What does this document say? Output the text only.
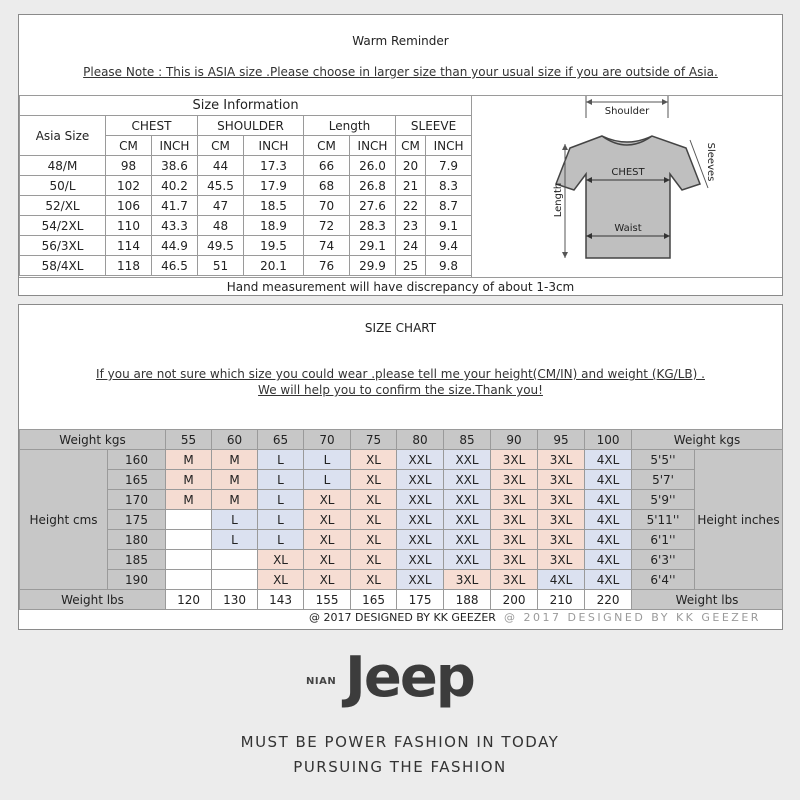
Warm Reminder
Please Note : This is ASIA size .Please choose in larger size than your usual size if you are outside of Asia.
Size Information								
Asia Size	CHEST		SHOULDER		Length		SLEEVE	
	CM	INCH	CM	INCH	CM	INCH	CM	INCH
48/M	98	38.6	44	17.3	66	26.0	20	7.9
50/L	102	40.2	45.5	17.9	68	26.8	21	8.3
52/XL	106	41.7	47	18.5	70	27.6	22	8.7
54/2XL	110	43.3	48	18.9	72	28.3	23	9.1
56/3XL	114	44.9	49.5	19.5	74	29.1	24	9.4
58/4XL	118	46.5	51	20.1	76	29.9	25	9.8
Shoulder
CHEST
Waist
Length
Sleeves
Hand measurement will have discrepancy of about 1-3cm
SIZE CHART
If you are not sure which size you could wear .please tell me your height(CM/IN) and weight (KG/LB) .
We will help you to confirm the size.Thank you!
Weight kgs		55	60	65	70	75	80	85	90	95	100	Weight kgs	
Height cms	160	M	M	L	L	XL	XXL	XXL	3XL	3XL	4XL	5'5''	Height inches
	165	M	M	L	L	XL	XXL	XXL	3XL	3XL	4XL	5'7'	
	170	M	M	L	XL	XL	XXL	XXL	3XL	3XL	4XL	5'9''	
	175		L	L	XL	XL	XXL	XXL	3XL	3XL	4XL	5'11''	
	180		L	L	XL	XL	XXL	XXL	3XL	3XL	4XL	6'1''	
	185			XL	XL	XL	XXL	XXL	3XL	3XL	4XL	6'3''	
	190			XL	XL	XL	XXL	3XL	3XL	4XL	4XL	6'4''	
Weight lbs		120	130	143	155	165	175	188	200	210	220	Weight lbs	
@ 2017 DESIGNED BY KK GEEZER @ 2017 DESIGNED BY KK GEEZER
NIAN Jeep
MUST BE POWER FASHION IN TODAY
PURSUING THE FASHION
